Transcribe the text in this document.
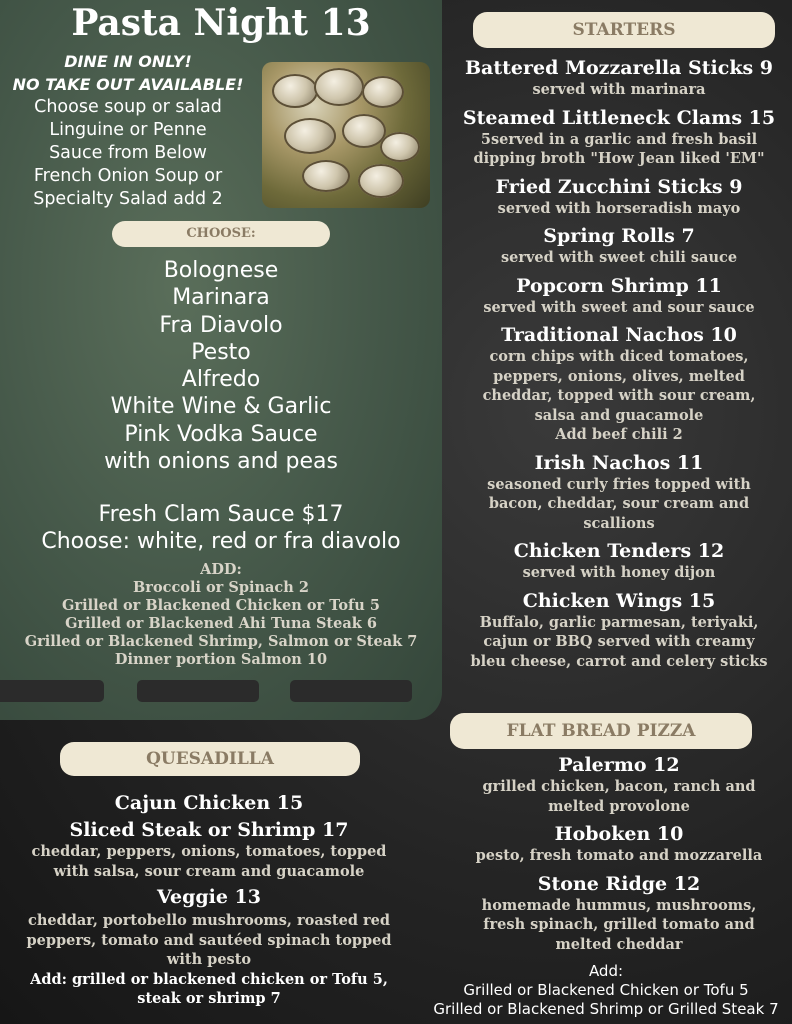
Pasta Night 13
DINE IN ONLY!
NO TAKE OUT AVAILABLE!
Choose soup or salad
Linguine or Penne
Sauce from Below
French Onion Soup or
Specialty Salad add 2
CHOOSE:
Bolognese
Marinara
Fra Diavolo
Pesto
Alfredo
White Wine & Garlic
Pink Vodka Sauce
with onions and peas
Fresh Clam Sauce $17
Choose: white, red or fra diavolo
ADD:
Broccoli or Spinach 2
Grilled or Blackened Chicken or Tofu 5
Grilled or Blackened Ahi Tuna Steak 6
Grilled or Blackened Shrimp, Salmon or Steak 7
Dinner portion Salmon 10
QUESADILLA
Cajun Chicken 15
Sliced Steak or Shrimp 17
cheddar, peppers, onions, tomatoes, topped
with salsa, sour cream and guacamole
Veggie 13
cheddar, portobello mushrooms, roasted red
peppers, tomato and sautéed spinach topped
with pesto
Add: grilled or blackened chicken or Tofu 5,
steak or shrimp 7
STARTERS
Battered Mozzarella Sticks 9
served with marinara
Steamed Littleneck Clams 15
5served in a garlic and fresh basil
dipping broth "How Jean liked 'EM"
Fried Zucchini Sticks 9
served with horseradish mayo
Spring Rolls 7
served with sweet chili sauce
Popcorn Shrimp 11
served with sweet and sour sauce
Traditional Nachos 10
corn chips with diced tomatoes,
peppers, onions, olives, melted
cheddar, topped with sour cream,
salsa and guacamole
Add beef chili 2
Irish Nachos 11
seasoned curly fries topped with
bacon, cheddar, sour cream and
scallions
Chicken Tenders 12
served with honey dijon
Chicken Wings 15
Buffalo, garlic parmesan, teriyaki,
cajun or BBQ served with creamy
bleu cheese, carrot and celery sticks
FLAT BREAD PIZZA
Palermo 12
grilled chicken, bacon, ranch and
melted provolone
Hoboken 10
pesto, fresh tomato and mozzarella
Stone Ridge 12
homemade hummus, mushrooms,
fresh spinach, grilled tomato and
melted cheddar
Add:
Grilled or Blackened Chicken or Tofu 5
Grilled or Blackened Shrimp or Grilled Steak 7
